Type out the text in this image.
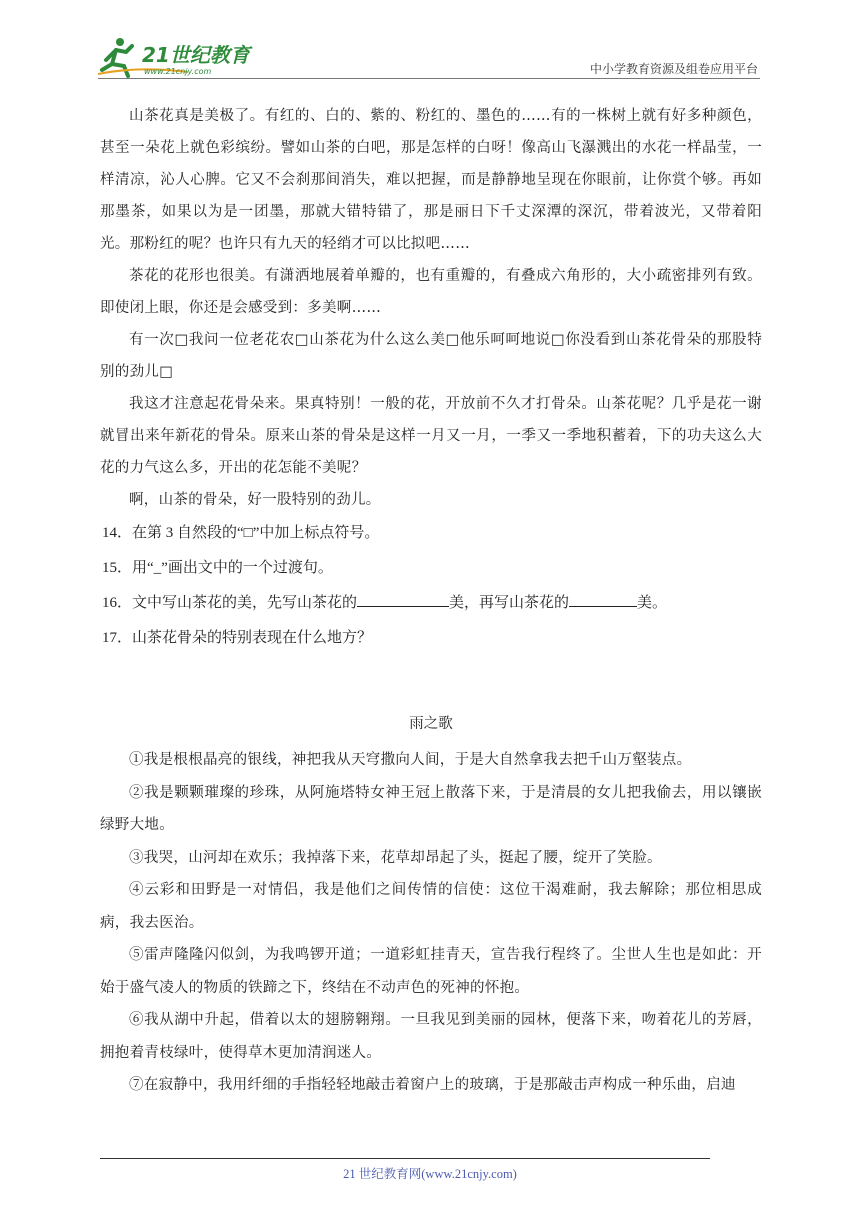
21世纪教育
www.21cnjy.com	中小学教育资源及组卷应用平台

山茶花真是美极了。有红的、白的、紫的、粉红的、墨色的……有的一株树上就有好多种颜色，甚至一朵花上就色彩缤纷。譬如山茶的白吧，那是怎样的白呀！像高山飞瀑溅出的水花一样晶莹，一样清凉，沁人心脾。它又不会刹那间消失，难以把握，而是静静地呈现在你眼前，让你赏个够。再如那墨茶，如果以为是一团墨，那就大错特错了，那是丽日下千丈深潭的深沉，带着波光，又带着阳光。那粉红的呢？也许只有九天的轻绡才可以比拟吧……

茶花的花形也很美。有潇洒地展着单瓣的，也有重瓣的，有叠成六角形的，大小疏密排列有致。即使闭上眼，你还是会感受到：多美啊……

有一次□我问一位老花农□山茶花为什么这么美□他乐呵呵地说□你没看到山茶花骨朵的那股特别的劲儿□

我这才注意起花骨朵来。果真特别！一般的花，开放前不久才打骨朵。山茶花呢？几乎是花一谢就冒出来年新花的骨朵。原来山茶的骨朵是这样一月又一月，一季又一季地积蓄着，下的功夫这么大花的力气这么多，开出的花怎能不美呢？

啊，山茶的骨朵，好一股特别的劲儿。

14．在第 3 自然段的“□”中加上标点符号。

15．用“_”画出文中的一个过渡句。

16．文中写山茶花的美，先写山茶花的	美，再写山茶花的	美。

17．山茶花骨朵的特别表现在什么地方？

雨之歌

①我是根根晶亮的银线，神把我从天穹撒向人间，于是大自然拿我去把千山万壑装点。

②我是颗颗璀璨的珍珠，从阿施塔特女神王冠上散落下来，于是清晨的女儿把我偷去，用以镶嵌绿野大地。

③我哭，山河却在欢乐；我掉落下来，花草却昂起了头，挺起了腰，绽开了笑脸。

④云彩和田野是一对情侣，我是他们之间传情的信使：这位干渴难耐，我去解除；那位相思成病，我去医治。

⑤雷声隆隆闪似剑，为我鸣锣开道；一道彩虹挂青天，宣告我行程终了。尘世人生也是如此：开始于盛气凌人的物质的铁蹄之下，终结在不动声色的死神的怀抱。

⑥我从湖中升起，借着以太的翅膀翱翔。一旦我见到美丽的园林，便落下来，吻着花儿的芳唇，拥抱着青枝绿叶，使得草木更加清润迷人。

⑦在寂静中，我用纤细的手指轻轻地敲击着窗户上的玻璃，于是那敲击声构成一种乐曲，启迪

21 世纪教育网(www.21cnjy.com)
